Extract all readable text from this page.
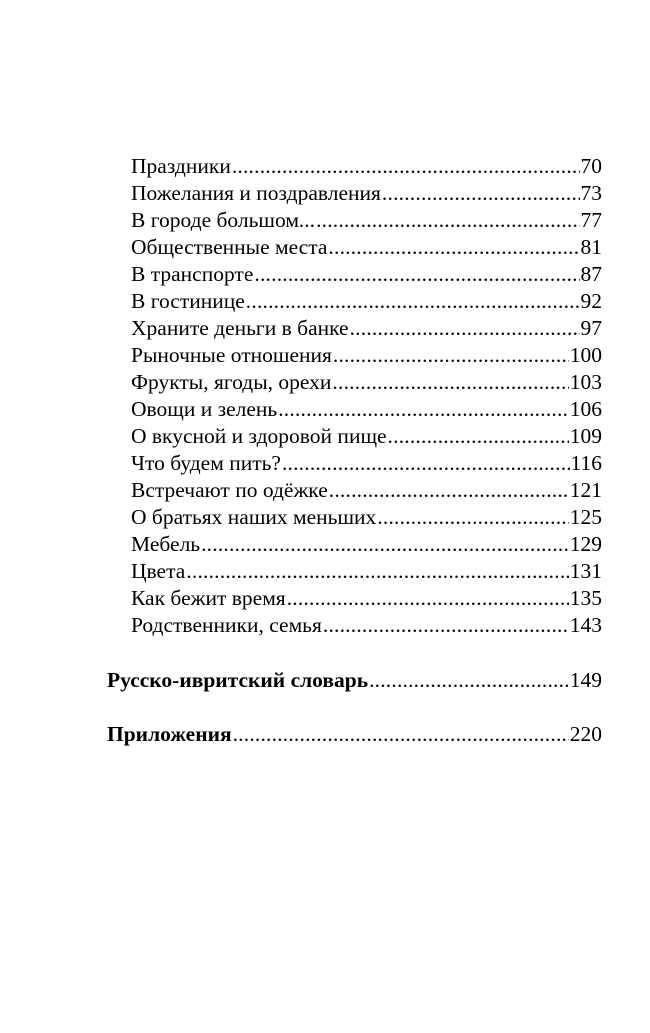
Праздники .....	70
Пожелания и поздравления .....	73
В городе большом... .....	77
Общественные места .....	81
В транспорте .....	87
В гостинице .....	92
Храните деньги в банке .....	97
Рыночные отношения .....	100
Фрукты, ягоды, орехи .....	103
Овощи и зелень .....	106
О вкусной и здоровой пище .....	109
Что будем пить? .....	116
Встречают по одёжке .....	121
О братьях наших меньших .....	125
Мебель .....	129
Цвета .....	131
Как бежит время .....	135
Родственники, семья .....	143
Русско-ивритский словарь .....	149
Приложения .....	220
